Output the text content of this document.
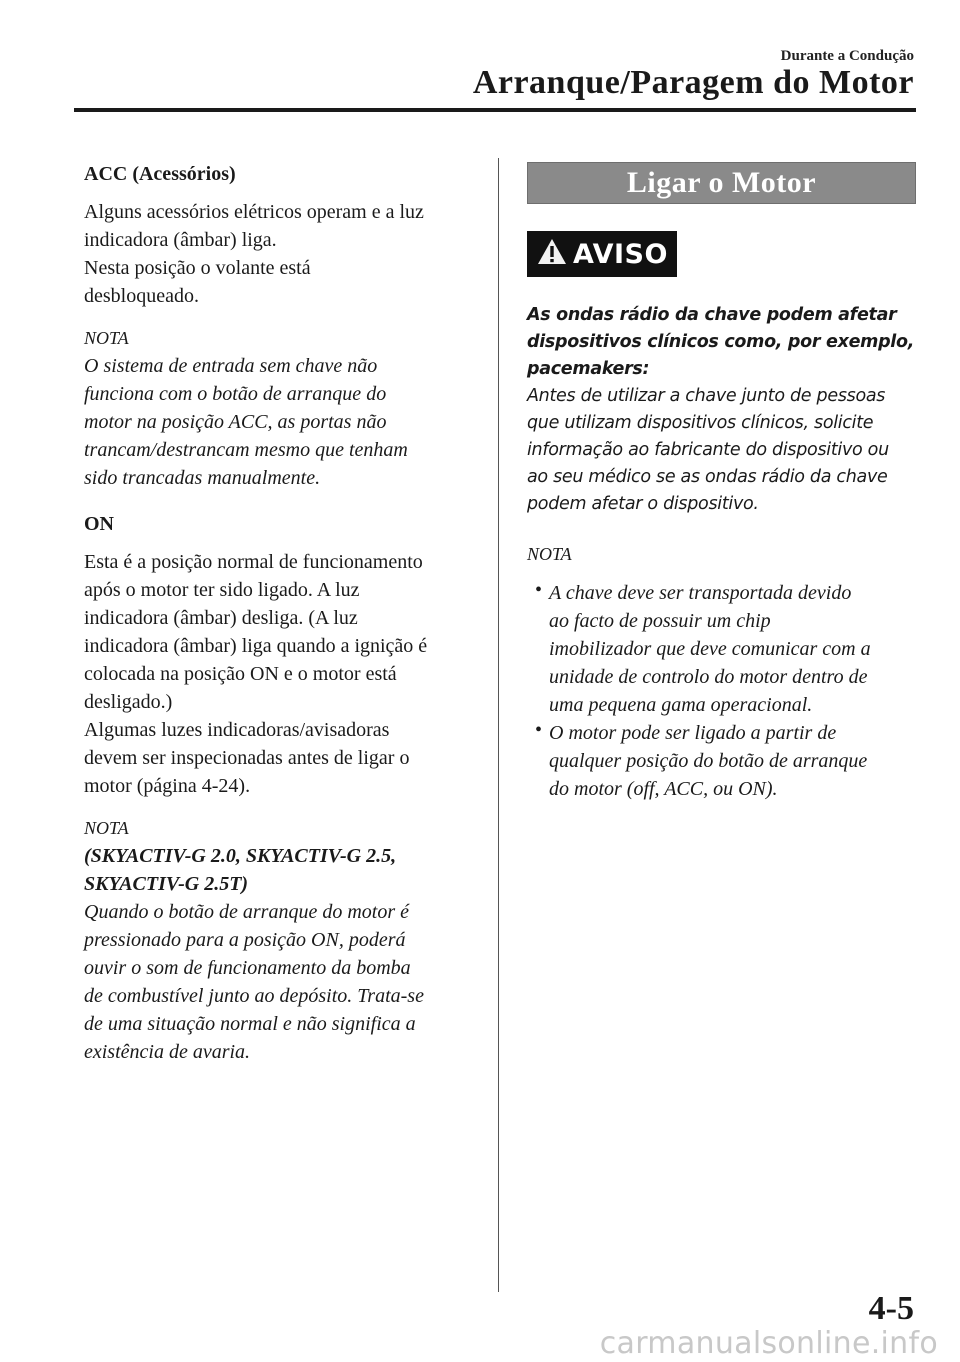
Durante a Condução
Arranque/Paragem do Motor

ACC (Acessórios)

Alguns acessórios elétricos operam e a luz
indicadora (âmbar) liga.
Nesta posição o volante está
desbloqueado.

NOTA

O sistema de entrada sem chave não
funciona com o botão de arranque do
motor na posição ACC, as portas não
trancam/destrancam mesmo que tenham
sido trancadas manualmente.

ON

Esta é a posição normal de funcionamento
após o motor ter sido ligado. A luz
indicadora (âmbar) desliga. (A luz
indicadora (âmbar) liga quando a ignição é
colocada na posição ON e o motor está
desligado.)
Algumas luzes indicadoras/avisadoras
devem ser inspecionadas antes de ligar o
motor (página 4-24).

NOTA

(SKYACTIV-G 2.0, SKYACTIV-G 2.5,
SKYACTIV-G 2.5T)

Quando o botão de arranque do motor é
pressionado para a posição ON, poderá
ouvir o som de funcionamento da bomba
de combustível junto ao depósito. Trata-se
de uma situação normal e não significa a
existência de avaria.

Ligar o Motor
AVISO

As ondas rádio da chave podem afetar
dispositivos clínicos como, por exemplo,
pacemakers:

Antes de utilizar a chave junto de pessoas
que utilizam dispositivos clínicos, solicite
informação ao fabricante do dispositivo ou
ao seu médico se as ondas rádio da chave
podem afetar o dispositivo.

NOTA

• A chave deve ser transportada devido
ao facto de possuir um chip
imobilizador que deve comunicar com a
unidade de controlo do motor dentro de
uma pequena gama operacional.
• O motor pode ser ligado a partir de
qualquer posição do botão de arranque
do motor (off, ACC, ou ON).
4-5
carmanualsonline.info
